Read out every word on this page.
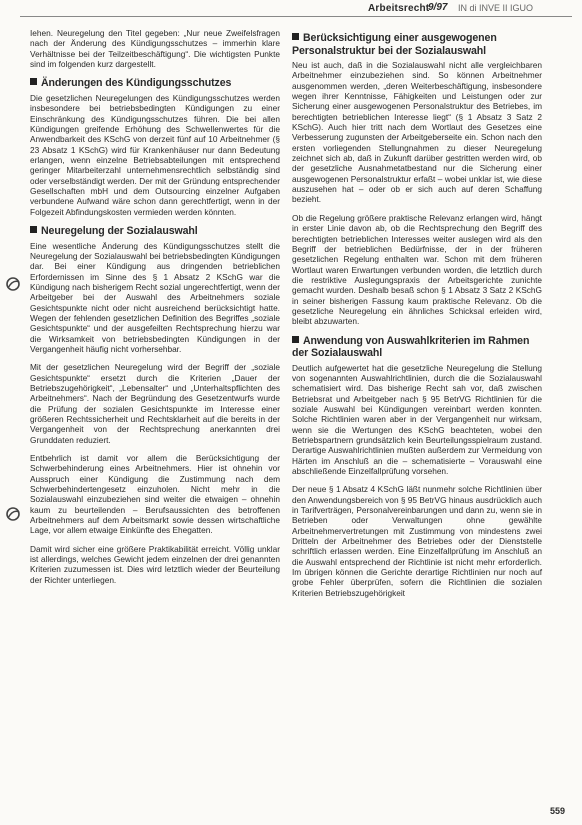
Arbeitsrecht
9/97 IN di INVE II IGUO

Iehen. Neuregelung den Titel gegeben: „Nur neue Zweifelsfragen nach der Änderung des Kündigungsschutzes – immerhin klare Verhältnisse bei der Teilzeitbeschäftigung“. Die wichtigsten Punkte sind im folgenden kurz dargestellt.

Änderungen des Kündigungsschutzes

Die gesetzlichen Neuregelungen des Kündigungsschutzes werden insbesondere bei betriebsbedingten Kündigungen zu einer Einschränkung des Kündigungsschutzes führen. Die bei allen Kündigungen greifende Erhöhung des Schwellenwertes für die Anwendbarkeit des KSchG von derzeit fünf auf 10 Arbeitnehmer (§ 23 Absatz 1 KSchG) wird für Krankenhäuser nur dann Bedeutung erlangen, wenn einzelne Betriebsabteilungen mit entsprechend geringer Mitarbeiterzahl unternehmensrechtlich selbständig sind oder verselbständigt werden. Der mit der Gründung entsprechender Gesellschaften mbH und dem Outsourcing einzelner Aufgaben verbundene Aufwand wäre schon dann gerechtfertigt, wenn in der Folgezeit Abfindungskosten vermieden werden könnten.

Neuregelung der Sozialauswahl

Eine wesentliche Änderung des Kündigungsschutzes stellt die Neuregelung der Sozialauswahl bei betriebsbedingten Kündigungen dar. Bei einer Kündigung aus dringenden betrieblichen Erfordernissen im Sinne des § 1 Absatz 2 KSchG war die Kündigung nach bisherigem Recht sozial ungerechtfertigt, wenn der Arbeitgeber bei der Auswahl des Arbeitnehmers soziale Gesichtspunkte nicht oder nicht ausreichend berücksichtigt hatte. Wegen der fehlenden gesetzlichen Definition des Begriffes „soziale Gesichtspunkte“ und der ausgefeilten Rechtsprechung hierzu war die Wirksamkeit von betriebsbedingten Kündigungen in der Vergangenheit häufig nicht vorhersehbar.

Mit der gesetzlichen Neuregelung wird der Begriff der „soziale Gesichtspunkte“ ersetzt durch die Kriterien „Dauer der Betriebszugehörigkeit“, „Lebensalter“ und „Unterhaltspflichten des Arbeitnehmers“. Nach der Begründung des Gesetzentwurfs wurde die Prüfung der sozialen Gesichtspunkte im Interesse einer größeren Rechtssicherheit und Rechtsklarheit auf die bereits in der Vergangenheit von der Rechtsprechung anerkannten drei Grunddaten reduziert.

Entbehrlich ist damit vor allem die Berücksichtigung der Schwerbehinderung eines Arbeitnehmers. Hier ist ohnehin vor Ausspruch einer Kündigung die Zustimmung nach dem Schwerbehindertengesetz einzuholen. Nicht mehr in die Sozialauswahl einzubeziehen sind weiter die etwaigen – ohnehin kaum zu beurteilenden – Berufsaussichten des betroffenen Arbeitnehmers auf dem Arbeitsmarkt sowie dessen wirtschaftliche Lage, vor allem etwaige Einkünfte des Ehegatten.

Damit wird sicher eine größere Praktikabilität erreicht. Völlig unklar ist allerdings, welches Gewicht jedem einzelnen der drei genannten Kriterien zuzumessen ist. Dies wird letztlich wieder der Beurteilung der Richter unterliegen.

Berücksichtigung einer ausgewogenen Personalstruktur bei der Sozialauswahl

Neu ist auch, daß in die Sozialauswahl nicht alle vergleichbaren Arbeitnehmer einzubeziehen sind. So können Arbeitnehmer ausgenommen werden, „deren Weiterbeschäftigung, insbesondere wegen ihrer Kenntnisse, Fähigkeiten und Leistungen oder zur Sicherung einer ausgewogenen Personalstruktur des Betriebes, im berechtigten betrieblichen Interesse liegt“ (§ 1 Absatz 3 Satz 2 KSchG). Auch hier tritt nach dem Wortlaut des Gesetzes eine Verbesserung zugunsten der Arbeitgeberseite ein. Schon nach den ersten vorliegenden Stellungnahmen zu dieser Neuregelung zeichnet sich ab, daß in Zukunft darüber gestritten werden wird, ob der gesetzliche Ausnahmetatbestand nur die Sicherung einer ausgewogenen Personalstruktur erfaßt – wobei unklar ist, wie diese auszusehen hat – oder ob er sich auch auf deren Schaffung bezieht.

Ob die Regelung größere praktische Relevanz erlangen wird, hängt in erster Linie davon ab, ob die Rechtsprechung den Begriff des berechtigten betrieblichen Interesses weiter auslegen wird als den Begriff der betrieblichen Bedürfnisse, der in der früheren gesetzlichen Regelung enthalten war. Schon mit dem früheren Wortlaut waren Erwartungen verbunden worden, die letztlich durch die restriktive Auslegungspraxis der Arbeitsgerichte zunichte gemacht wurden. Deshalb besaß schon § 1 Absatz 3 Satz 2 KSchG in seiner bisherigen Fassung kaum praktische Relevanz. Ob die gesetzliche Neuregelung ein ähnliches Schicksal erleiden wird, bleibt abzuwarten.

Anwendung von Auswahlkriterien im Rahmen der Sozialauswahl

Deutlich aufgewertet hat die gesetzliche Neuregelung die Stellung von sogenannten Auswahlrichtlinien, durch die die Sozialauswahl schematisiert wird. Das bisherige Recht sah vor, daß zwischen Betriebsrat und Arbeitgeber nach § 95 BetrVG Richtlinien für die soziale Auswahl bei Kündigungen vereinbart werden konnten. Solche Richtlinien waren aber in der Vergangenheit nur wirksam, wenn sie die Wertungen des KSchG beachteten, wobei den Betriebspartnern grundsätzlich kein Beurteilungsspielraum zustand. Derartige Auswahlrichtlinien mußten außerdem zur Vermeidung von Härten im Anschluß an die – schematisierte – Vorauswahl eine abschließende Einzelfallprüfung vorsehen.

Der neue § 1 Absatz 4 KSchG läßt nunmehr solche Richtlinien über den Anwendungsbereich von § 95 BetrVG hinaus ausdrücklich auch in Tarifverträgen, Personalvereinbarungen und dann zu, wenn sie in Betrieben oder Verwaltungen ohne gewählte Arbeitnehmervertretungen mit Zustimmung von mindestens zwei Dritteln der Arbeitnehmer des Betriebes oder der Dienststelle schriftlich erlassen werden. Eine Einzelfallprüfung im Anschluß an die Auswahl entsprechend der Richtlinie ist nicht mehr erforderlich. Im übrigen können die Gerichte derartige Richtlinien nur noch auf grobe Fehler überprüfen, sofern die Richtlinien die sozialen Kriterien Betriebszugehörigkeit

559
